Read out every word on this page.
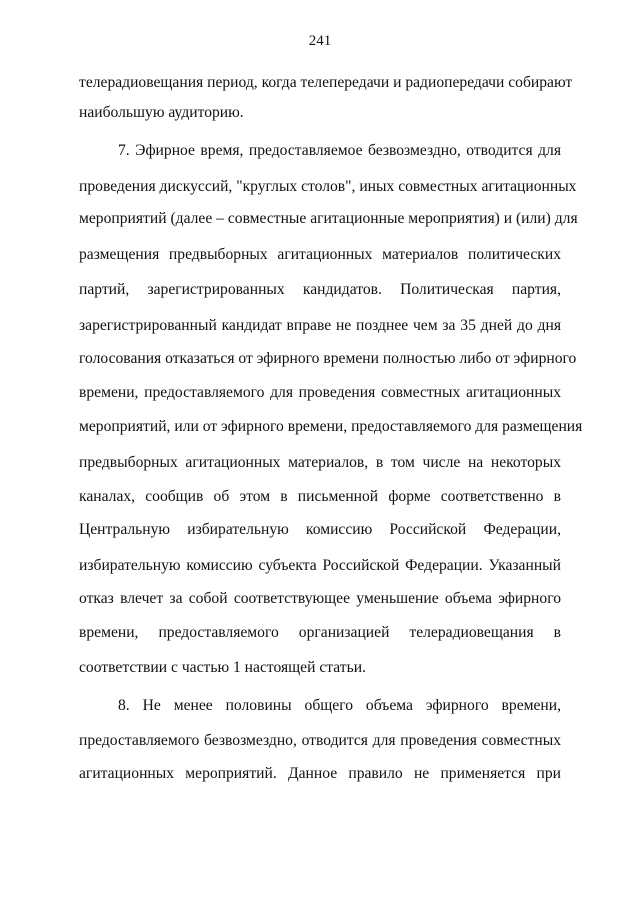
241
телерадиовещания период, когда телепередачи и радиопередачи собирают
наибольшую аудиторию.
7. Эфирное время, предоставляемое безвозмездно, отводится для
проведения дискуссий, "круглых столов", иных совместных агитационных
мероприятий (далее – совместные агитационные мероприятия) и (или) для
размещения предвыборных агитационных материалов политических
партий, зарегистрированных кандидатов. Политическая партия,
зарегистрированный кандидат вправе не позднее чем за 35 дней до дня
голосования отказаться от эфирного времени полностью либо от эфирного
времени, предоставляемого для проведения совместных агитационных
мероприятий, или от эфирного времени, предоставляемого для размещения
предвыборных агитационных материалов, в том числе на некоторых
каналах, сообщив об этом в письменной форме соответственно в
Центральную избирательную комиссию Российской Федерации,
избирательную комиссию субъекта Российской Федерации. Указанный
отказ влечет за собой соответствующее уменьшение объема эфирного
времени, предоставляемого организацией телерадиовещания в
соответствии с частью 1 настоящей статьи.
8. Не менее половины общего объема эфирного времени,
предоставляемого безвозмездно, отводится для проведения совместных
агитационных мероприятий. Данное правило не применяется при
